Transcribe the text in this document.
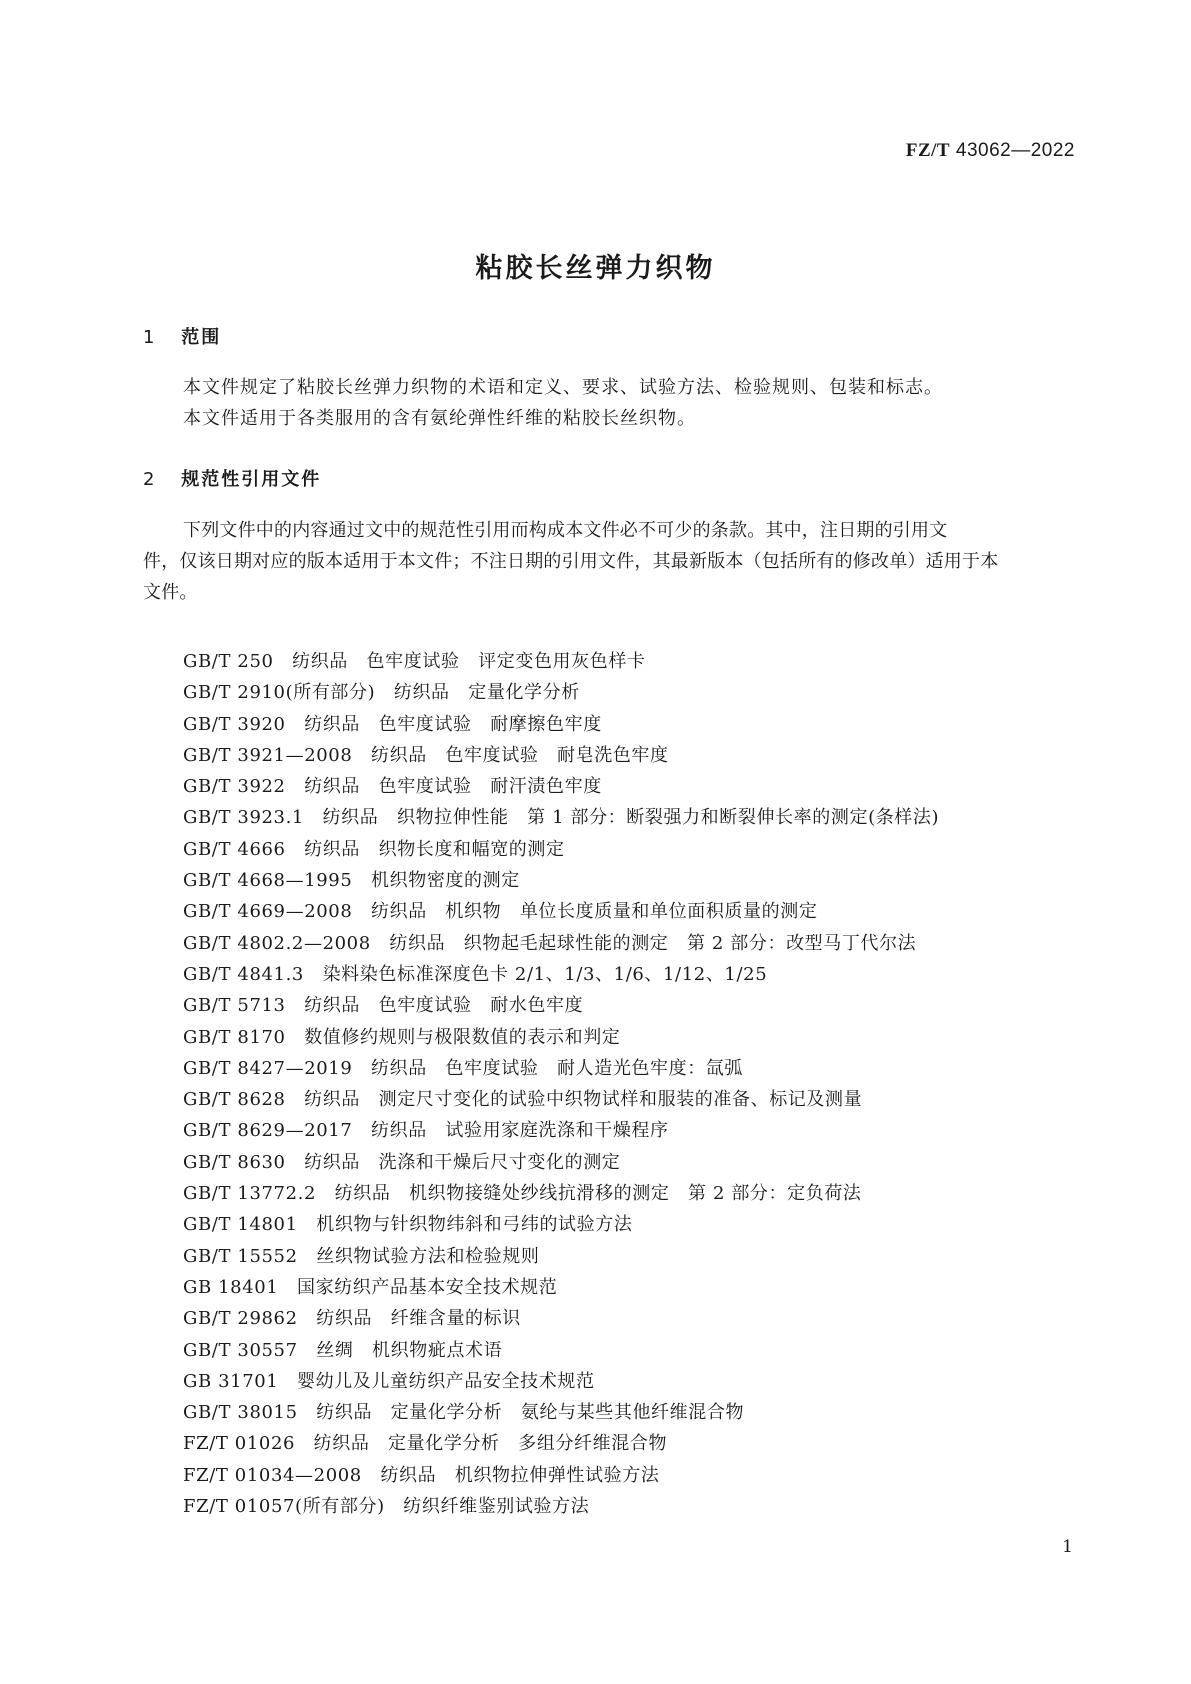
FZ/T 43062—2022
粘胶长丝弹力织物
1 范围
本文件规定了粘胶长丝弹力织物的术语和定义、要求、试验方法、检验规则、包装和标志。
本文件适用于各类服用的含有氨纶弹性纤维的粘胶长丝织物。
2 规范性引用文件
下列文件中的内容通过文中的规范性引用而构成本文件必不可少的条款。其中，注日期的引用文
件，仅该日期对应的版本适用于本文件；不注日期的引用文件，其最新版本（包括所有的修改单）适用于本
文件。
GB/T 250　纺织品　色牢度试验　评定变色用灰色样卡
GB/T 2910(所有部分)　纺织品　定量化学分析
GB/T 3920　纺织品　色牢度试验　耐摩擦色牢度
GB/T 3921—2008　纺织品　色牢度试验　耐皂洗色牢度
GB/T 3922　纺织品　色牢度试验　耐汗渍色牢度
GB/T 3923.1　纺织品　织物拉伸性能　第 1 部分：断裂强力和断裂伸长率的测定(条样法)
GB/T 4666　纺织品　织物长度和幅宽的测定
GB/T 4668—1995　机织物密度的测定
GB/T 4669—2008　纺织品　机织物　单位长度质量和单位面积质量的测定
GB/T 4802.2—2008　纺织品　织物起毛起球性能的测定　第 2 部分：改型马丁代尔法
GB/T 4841.3　染料染色标准深度色卡 2/1、1/3、1/6、1/12、1/25
GB/T 5713　纺织品　色牢度试验　耐水色牢度
GB/T 8170　数值修约规则与极限数值的表示和判定
GB/T 8427—2019　纺织品　色牢度试验　耐人造光色牢度：氙弧
GB/T 8628　纺织品　测定尺寸变化的试验中织物试样和服装的准备、标记及测量
GB/T 8629—2017　纺织品　试验用家庭洗涤和干燥程序
GB/T 8630　纺织品　洗涤和干燥后尺寸变化的测定
GB/T 13772.2　纺织品　机织物接缝处纱线抗滑移的测定　第 2 部分：定负荷法
GB/T 14801　机织物与针织物纬斜和弓纬的试验方法
GB/T 15552　丝织物试验方法和检验规则
GB 18401　国家纺织产品基本安全技术规范
GB/T 29862　纺织品　纤维含量的标识
GB/T 30557　丝绸　机织物疵点术语
GB 31701　婴幼儿及儿童纺织产品安全技术规范
GB/T 38015　纺织品　定量化学分析　氨纶与某些其他纤维混合物
FZ/T 01026　纺织品　定量化学分析　多组分纤维混合物
FZ/T 01034—2008　纺织品　机织物拉伸弹性试验方法
FZ/T 01057(所有部分)　纺织纤维鉴别试验方法
1
